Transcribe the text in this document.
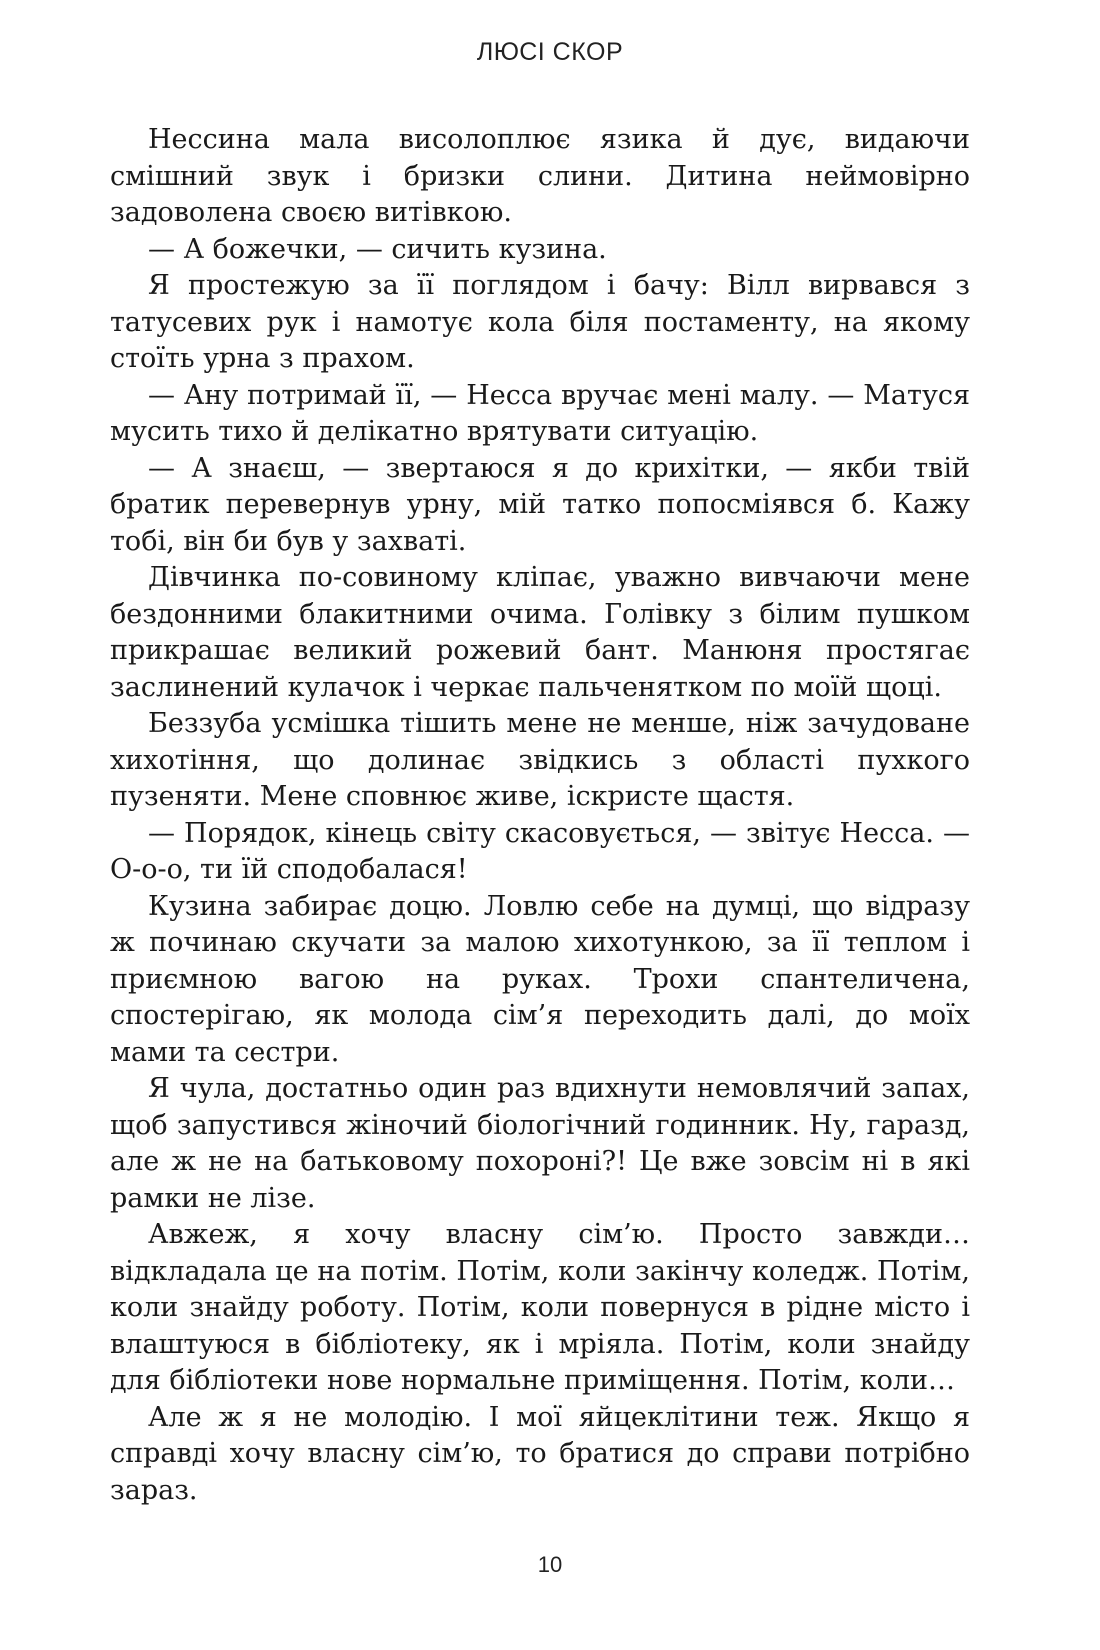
ЛЮСІ СКОР

Нессина мала висолоплює язика й дує, видаючи смішний звук і бризки слини. Дитина неймовірно задоволена своєю витівкою.

— А божечки, — сичить кузина.

Я простежую за її поглядом і бачу: Вілл вирвався з татусевих рук і намотує кола біля постаменту, на якому стоїть урна з прахом.

— Ану потримай її, — Несса вручає мені малу. — Матуся мусить тихо й делікатно врятувати ситуацію.

— А знаєш, — звертаюся я до крихітки, — якби твій братик перевернув урну, мій татко попосміявся б. Кажу тобі, він би був у захваті.

Дівчинка по-совиному кліпає, уважно вивчаючи мене бездонними блакитними очима. Голівку з білим пушком прикрашає великий рожевий бант. Манюня простягає заслинений кулачок і черкає пальченятком по моїй щоці.

Беззуба усмішка тішить мене не менше, ніж зачудоване хихотіння, що долинає звідкись з області пухкого пузеняти. Мене сповнює живе, іскристе щастя.

— Порядок, кінець світу скасовується, — звітує Несса. — О-о-о, ти їй сподобалася!

Кузина забирає доцю. Ловлю себе на думці, що відразу ж починаю скучати за малою хихотункою, за її теплом і приємною вагою на руках. Трохи спантеличена, спостерігаю, як молода сім’я переходить далі, до моїх мами та сестри.

Я чула, достатньо один раз вдихнути немовлячий запах, щоб запустився жіночий біологічний годинник. Ну, гаразд, але ж не на батьковому похороні?! Це вже зовсім ні в які рамки не лізе.

Авжеж, я хочу власну сім’ю. Просто завжди… відкладала це на потім. Потім, коли закінчу коледж. Потім, коли знайду роботу. Потім, коли повернуся в рідне місто і влаштуюся в бібліотеку, як і мріяла. Потім, коли знайду для бібліотеки нове нормальне приміщення. Потім, коли…

Але ж я не молодію. І мої яйцеклітини теж. Якщо я справді хочу власну сім’ю, то братися до справи потрібно зараз.

10
